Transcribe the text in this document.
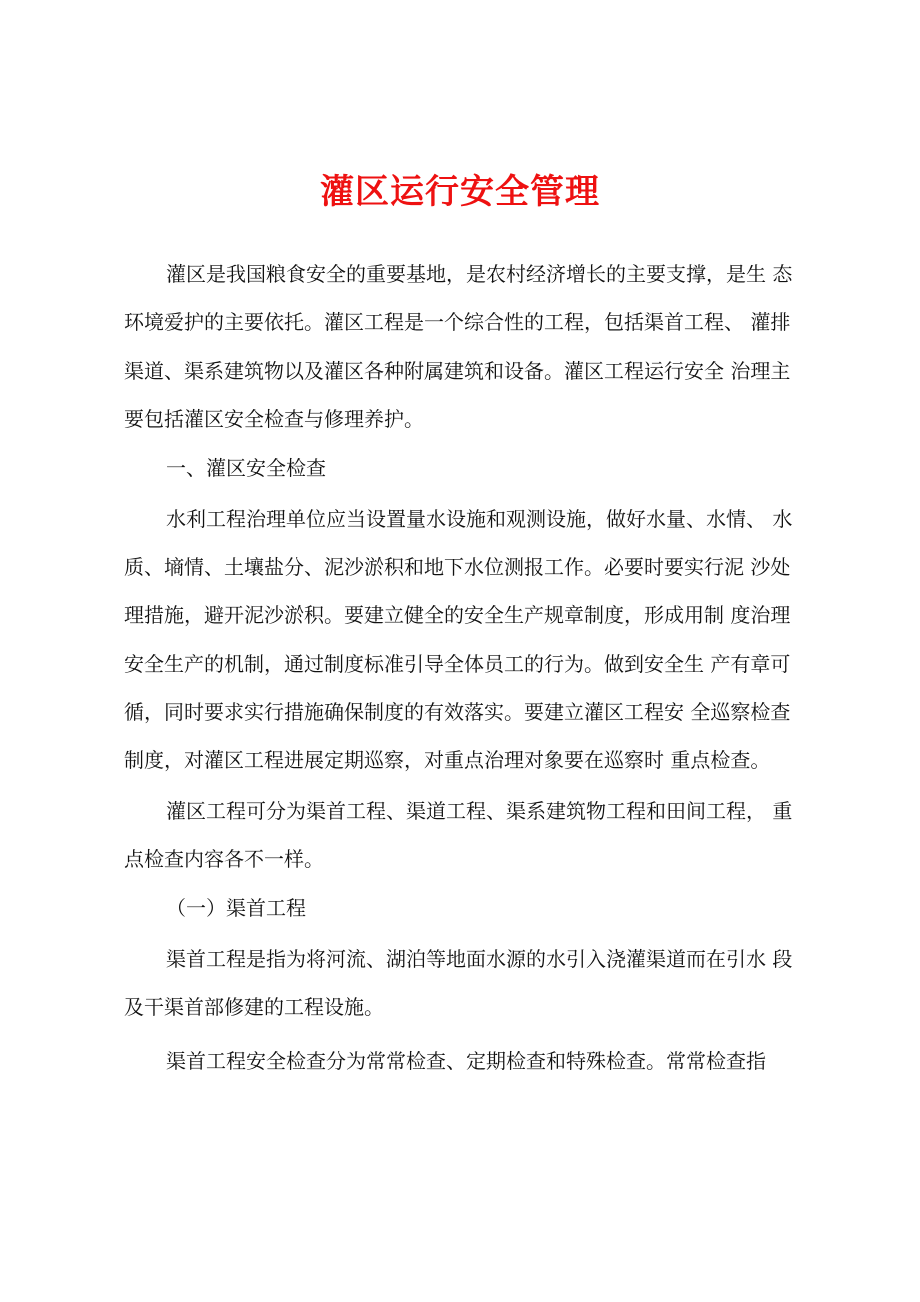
灌区运行安全管理
灌区是我国粮食安全的重要基地，是农村经济增长的主要支撑，是生 态
环境爱护的主要依托。灌区工程是一个综合性的工程，包括渠首工程、 灌排
渠道、渠系建筑物以及灌区各种附属建筑和设备。灌区工程运行安全 治理主
要包括灌区安全检查与修理养护。
一、灌区安全检查
水利工程治理单位应当设置量水设施和观测设施，做好水量、水情、 水
质、墒情、土壤盐分、泥沙淤积和地下水位测报工作。必要时要实行泥 沙处
理措施，避开泥沙淤积。要建立健全的安全生产规章制度，形成用制 度治理
安全生产的机制，通过制度标准引导全体员工的行为。做到安全生 产有章可
循，同时要求实行措施确保制度的有效落实。要建立灌区工程安 全巡察检查
制度，对灌区工程进展定期巡察，对重点治理对象要在巡察时 重点检查。
灌区工程可分为渠首工程、渠道工程、渠系建筑物工程和田间工程， 重
点检查内容各不一样。
（一）渠首工程
渠首工程是指为将河流、湖泊等地面水源的水引入浇灌渠道而在引水 段
及干渠首部修建的工程设施。
渠首工程安全检查分为常常检查、定期检查和特殊检查。常常检查指
